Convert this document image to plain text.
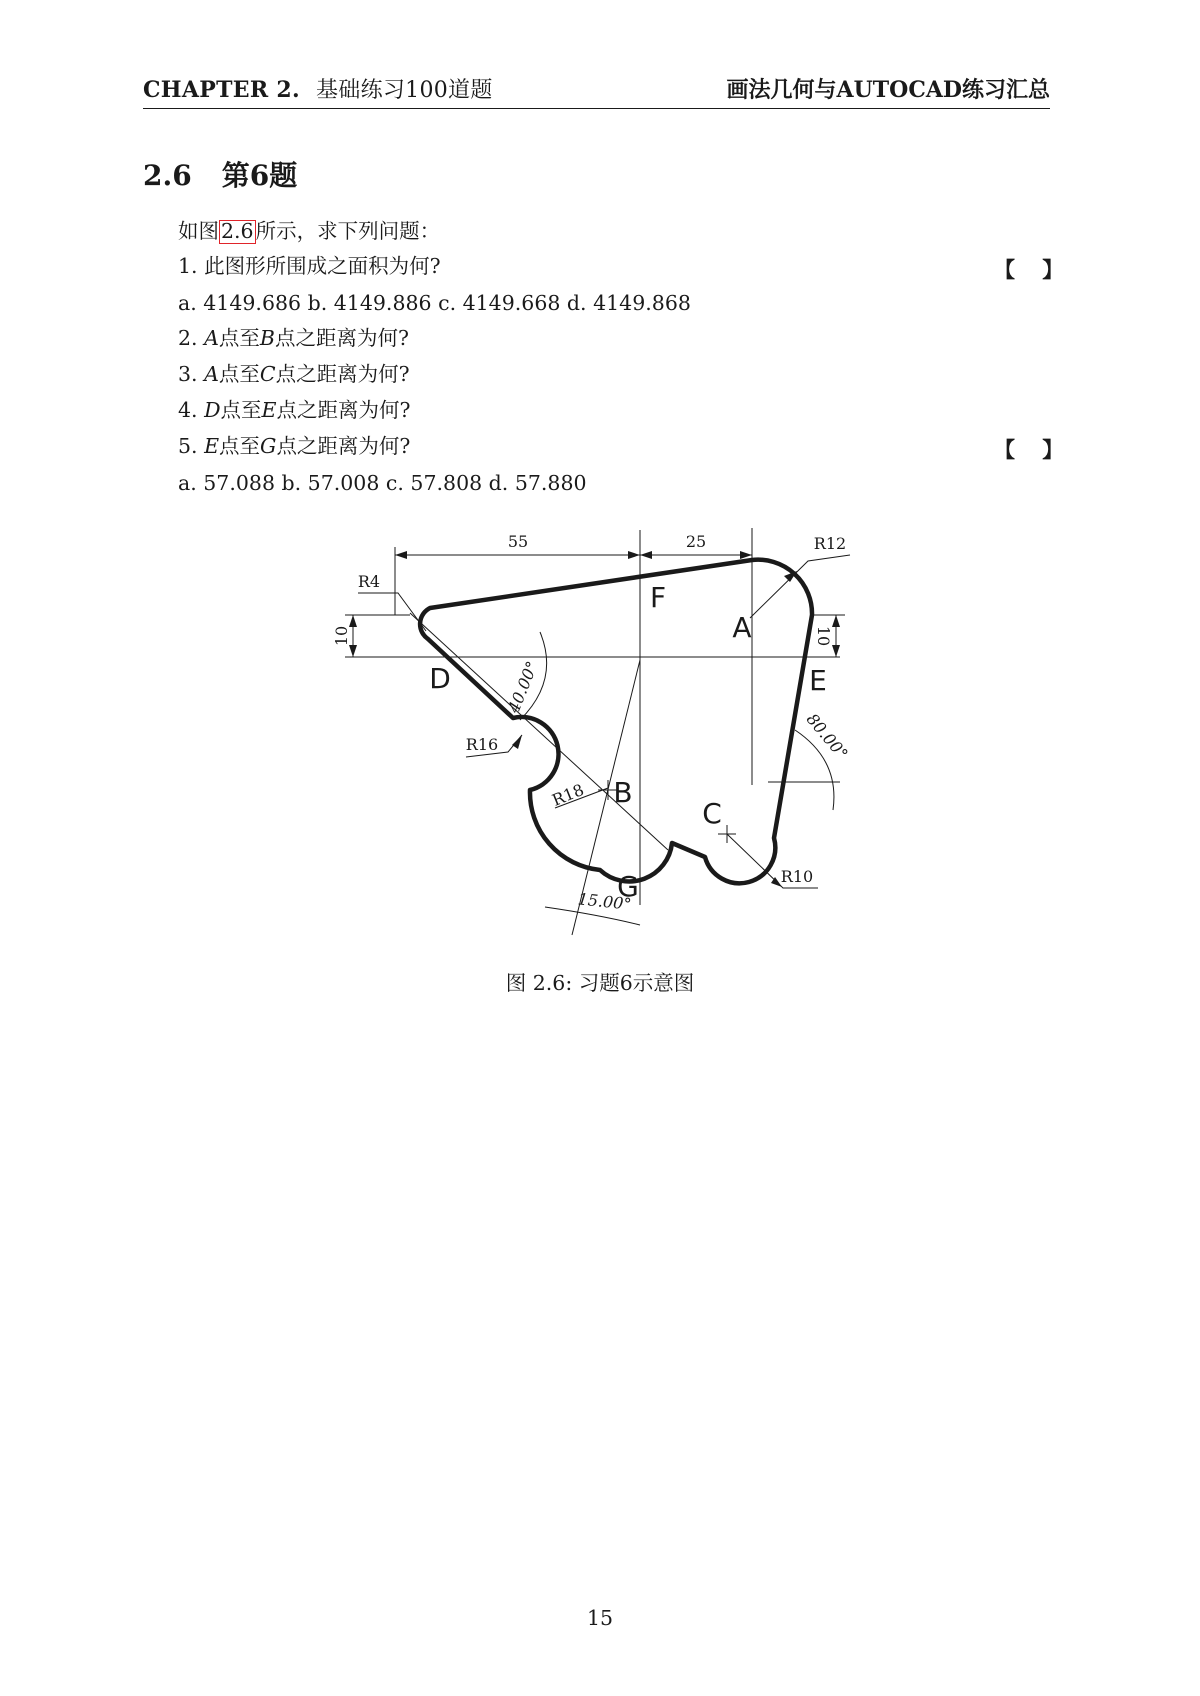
CHAPTER 2. 基础练习100道题	画法几何与AUTOCAD练习汇总
2.6 第6题
如图2.6所示，求下列问题：
1. 此图形所围成之面积为何?	【 】
a. 4149.686 b. 4149.886 c. 4149.668 d. 4149.868
2. A点至B点之距离为何?
3. A点至C点之距离为何?
4. D点至E点之距离为何?
5. E点至G点之距离为何?	【 】
a. 57.088 b. 57.008 c. 57.808 d. 57.880
55	25	R12
R4
10	10
40.00°
80.00°
R16
R18
R10
15.00°
F
A
D	E
B
C
G
图 2.6: 习题6示意图
15
